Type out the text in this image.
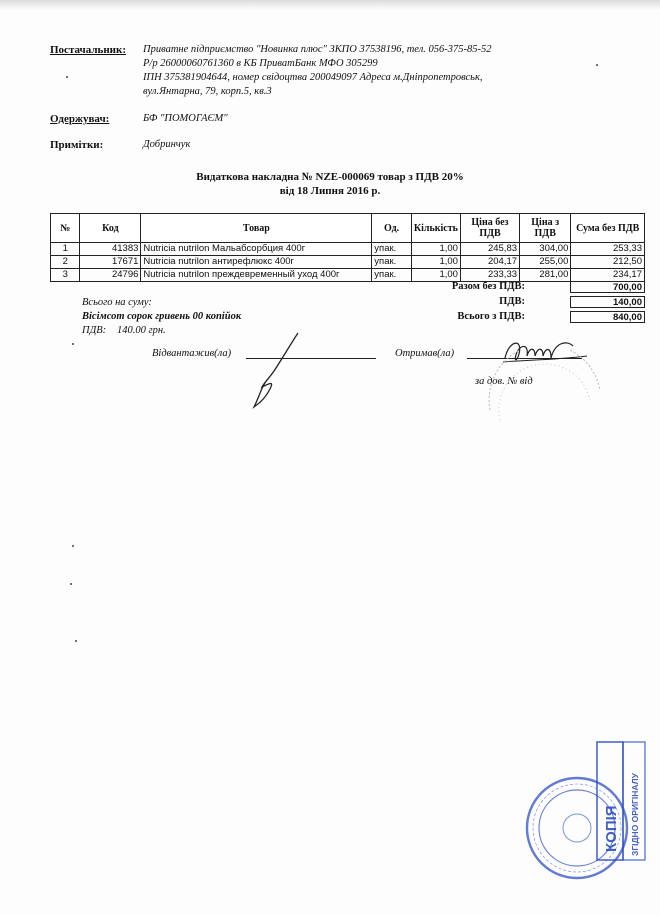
Постачальник: Приватне підприємство "Новинка плюс" ЗКПО 37538196, тел. 056-375-85-52
Р/р 26000060761360 в КБ ПриватБанк МФО 305299
ІПН 375381904644, номер свідоцтва 200049097 Адреса м.Дніпропетровськ,
вул.Янтарна, 79, корп.5, кв.3
Одержувач:	БФ "ПОМОГАЄМ"
Примітки:	Добринчук
Видаткова накладна № NZE-000069 товар з ПДВ 20%
від 18 Липня 2016 р.
№	Код	Товар	Од.	Кількість	Ціна без ПДВ	Ціна з ПДВ	Сума без ПДВ
1	41383	Nutricia nutrilon Мальабсорбция 400г	упак.	1,00	245,83	304,00	253,33
2	17671	Nutricia nutrilon антирефлюкс 400г	упак.	1,00	204,17	255,00	212,50
3	24796	Nutricia nutrilon преждевременный уход 400г	упак.	1,00	233,33	281,00	234,17
Разом без ПДВ:	700,00
ПДВ:	140,00
Всього з ПДВ:	840,00
Всього на суму:
Вісімсот сорок гривень 00 копійок
ПДВ: 140.00 грн.
Відвантажив(ла)	Отримав(ла)
за дов. № від
КОПІЯ ЗГІДНО ОРИГІНАЛУ
